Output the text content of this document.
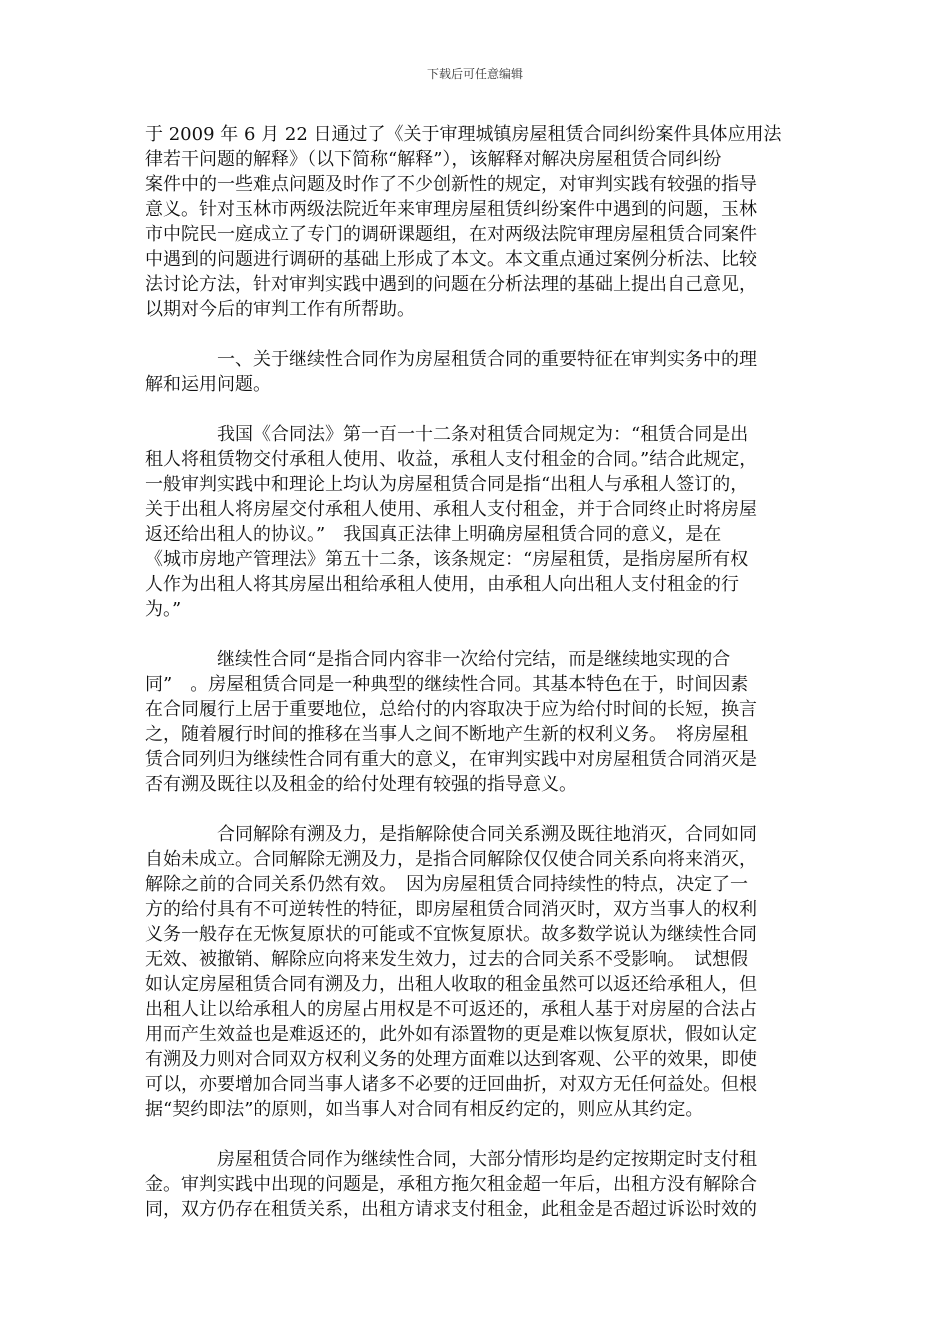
下载后可任意编辑
于 2009 年 6 月 22 日通过了《关于审理城镇房屋租赁合同纠纷案件具体应用法
律若干问题的解释》（以下简称“解释”），该解释对解决房屋租赁合同纠纷
案件中的一些难点问题及时作了不少创新性的规定，对审判实践有较强的指导
意义。针对玉林市两级法院近年来审理房屋租赁纠纷案件中遇到的问题，玉林
市中院民一庭成立了专门的调研课题组，在对两级法院审理房屋租赁合同案件
中遇到的问题进行调研的基础上形成了本文。本文重点通过案例分析法、比较
法讨论方法，针对审判实践中遇到的问题在分析法理的基础上提出自己意见，
以期对今后的审判工作有所帮助。
一、关于继续性合同作为房屋租赁合同的重要特征在审判实务中的理
解和运用问题。
我国《合同法》第一百一十二条对租赁合同规定为：“租赁合同是出
租人将租赁物交付承租人使用、收益，承租人支付租金的合同。”结合此规定，
一般审判实践中和理论上均认为房屋租赁合同是指“出租人与承租人签订的，
关于出租人将房屋交付承租人使用、承租人支付租金，并于合同终止时将房屋
返还给出租人的协议。”　我国真正法律上明确房屋租赁合同的意义，是在
《城市房地产管理法》第五十二条，该条规定：“房屋租赁，是指房屋所有权
人作为出租人将其房屋出租给承租人使用，由承租人向出租人支付租金的行
为。”
继续性合同“是指合同内容非一次给付完结，而是继续地实现的合
同”　。房屋租赁合同是一种典型的继续性合同。其基本特色在于，时间因素
在合同履行上居于重要地位，总给付的内容取决于应为给付时间的长短，换言
之，随着履行时间的推移在当事人之间不断地产生新的权利义务。　将房屋租
赁合同列归为继续性合同有重大的意义，在审判实践中对房屋租赁合同消灭是
否有溯及既往以及租金的给付处理有较强的指导意义。
合同解除有溯及力，是指解除使合同关系溯及既往地消灭，合同如同
自始未成立。合同解除无溯及力，是指合同解除仅仅使合同关系向将来消灭，
解除之前的合同关系仍然有效。　因为房屋租赁合同持续性的特点，决定了一
方的给付具有不可逆转性的特征，即房屋租赁合同消灭时，双方当事人的权利
义务一般存在无恢复原状的可能或不宜恢复原状。故多数学说认为继续性合同
无效、被撤销、解除应向将来发生效力，过去的合同关系不受影响。　试想假
如认定房屋租赁合同有溯及力，出租人收取的租金虽然可以返还给承租人，但
出租人让以给承租人的房屋占用权是不可返还的，承租人基于对房屋的合法占
用而产生效益也是难返还的，此外如有添置物的更是难以恢复原状，假如认定
有溯及力则对合同双方权利义务的处理方面难以达到客观、公平的效果，即使
可以，亦要增加合同当事人诸多不必要的迂回曲折，对双方无任何益处。但根
据“契约即法”的原则，如当事人对合同有相反约定的，则应从其约定。
房屋租赁合同作为继续性合同，大部分情形均是约定按期定时支付租
金。审判实践中出现的问题是，承租方拖欠租金超一年后，出租方没有解除合
同，双方仍存在租赁关系，出租方请求支付租金，此租金是否超过诉讼时效的
